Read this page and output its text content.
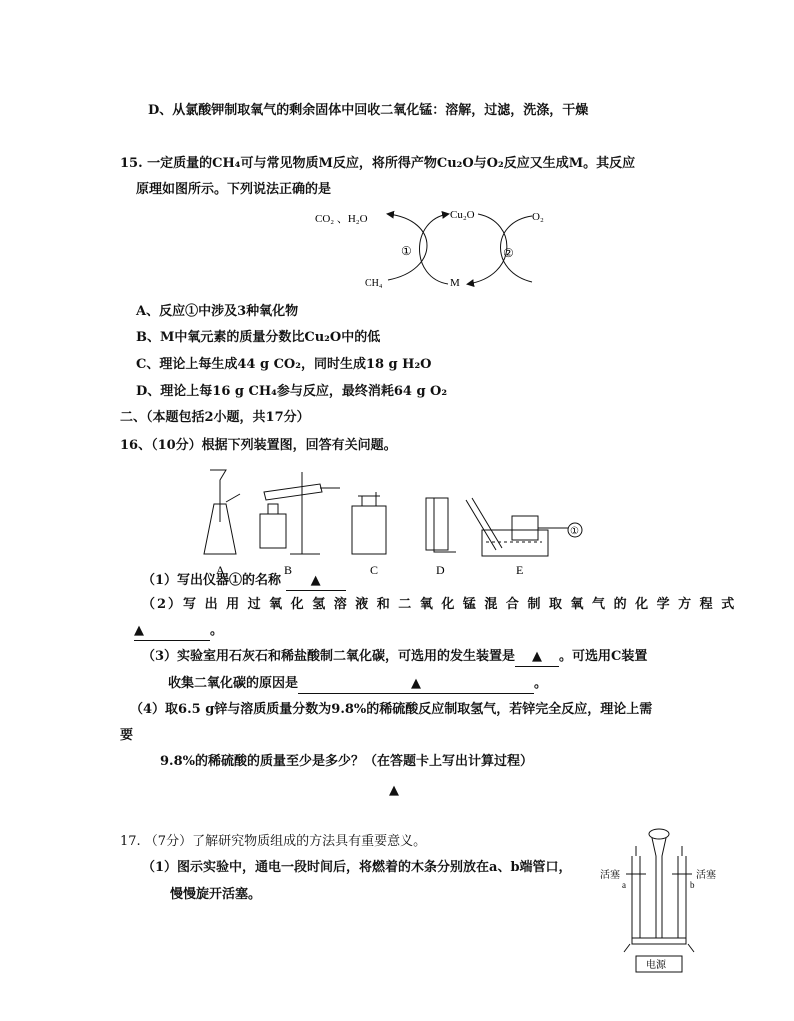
D、从氯酸钾制取氧气的剩余固体中回收二氧化锰：溶解，过滤，洗涤，干燥
15. 一定质量的CH₄可与常见物质M反应，将所得产物Cu₂O与O₂反应又生成M。其反应
原理如图所示。下列说法正确的是
CO₂ 、H₂O	Cu₂O	O₂
CH₄	M
①	②
A、反应①中涉及3种氧化物
B、M中氧元素的质量分数比Cu₂O中的低
C、理论上每生成44 g CO₂，同时生成18 g H₂O
D、理论上每16 g CH₄参与反应，最终消耗64 g O₂
二、（本题包括2小题，共17分）
16、（10分）根据下列装置图，回答有关问题。
①
A	B	C	D	E
（1）写出仪器①的名称 ▲
（2）写 出 用 过 氧 化 氢 溶 液 和 二 氧 化 锰 混 合 制 取 氧 气 的 化 学 方 程 式
▲	。
（3）实验室用石灰石和稀盐酸制二氧化碳，可选用的发生装置是 ▲ 。可选用C装置
收集二氧化碳的原因是	▲	。
（4）取6.5 g锌与溶质质量分数为9.8%的稀硫酸反应制取氢气，若锌完全反应，理论上需
要
9.8%的稀硫酸的质量至少是多少？（在答题卡上写出计算过程）
▲
17. （7分）了解研究物质组成的方法具有重要意义。
（1）图示实验中，通电一段时间后，将燃着的木条分别放在a、b端管口，
慢慢旋开活塞。
活塞	活塞
a	b
电源
